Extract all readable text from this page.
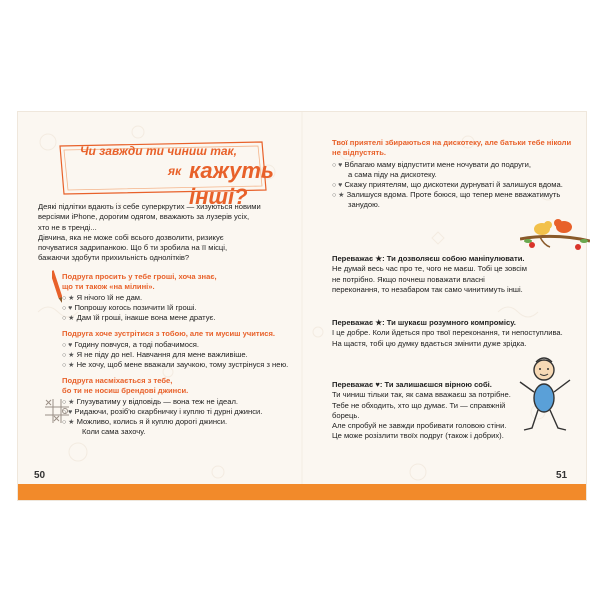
Чи завжди ти чиниш так,
як кажуть інші?
Деякі підлітки вдають із себе суперкрутих — хизуються новими
версіями iPhone, дорогим одягом, вважають за лузерів усіх,
хто не в тренді...
Дівчина, яка не може собі всього дозволити, ризикує
почуватися задрипанкою. Що б ти зробила на її місці,
бажаючи здобути прихильність однолітків?
Подруга просить у тебе гроші, хоча знає,
що ти також «на мілині».
○ ★ Я нічого їй не дам.
○ ♥ Попрошу когось позичити їй гроші.
○ ★ Дам їй гроші, інакше вона мене дратує.
Подруга хоче зустрітися з тобою, але ти мусиш учитися.
○ ♥ Годину повчуся, а тоді побачимося.
○ ★ Я не піду до неї. Навчання для мене важливіше.
○ ★ Не хочу, щоб мене вважали заучкою, тому зустрінуся з нею.
Подруга насміхається з тебе,
бо ти не носиш брендові джинси.
○ ★ Глузуватиму у відповідь — вона теж не ідеал.
○ ♥ Ридаючи, розіб'ю скарбничку і куплю ті дурні джинси.
○ ★ Можливо, колись я й куплю дорогі джинси.
Коли сама захочу.
Твої приятелі збираються на дискотеку, але батьки тебе ніколи
не відпустять.
○ ♥ Вблагаю маму відпустити мене ночувати до подруги,
а сама піду на дискотеку.
○ ♥ Скажу приятелям, що дискотеки дурнуваті й залишуся вдома.
○ ★ Залишуся вдома. Проте боюся, що тепер мене вважатимуть
занудою.
Переважає ★: Ти дозволяєш собою маніпулювати.
Не думай весь час про те, чого не маєш. Тобі це зовсім
не потрібно. Якщо почнеш поважати власні
переконання, то незабаром так само чинитимуть інші.
Переважає ★: Ти шукаєш розумного компромісу.
І це добре. Коли йдеться про твої переконання, ти непоступлива.
На щастя, тобі цю думку вдається змінити дуже зрідка.
Переважає ♥: Ти залишаєшся вірною собі.
Ти чиниш тільки так, як сама вважаєш за потрібне.
Тебе не обходить, хто що думає. Ти — справжній борець.
Але спробуй не завжди пробивати головою стіни.
Це може розізлити твоїх подруг (також і добрих).
50	51
